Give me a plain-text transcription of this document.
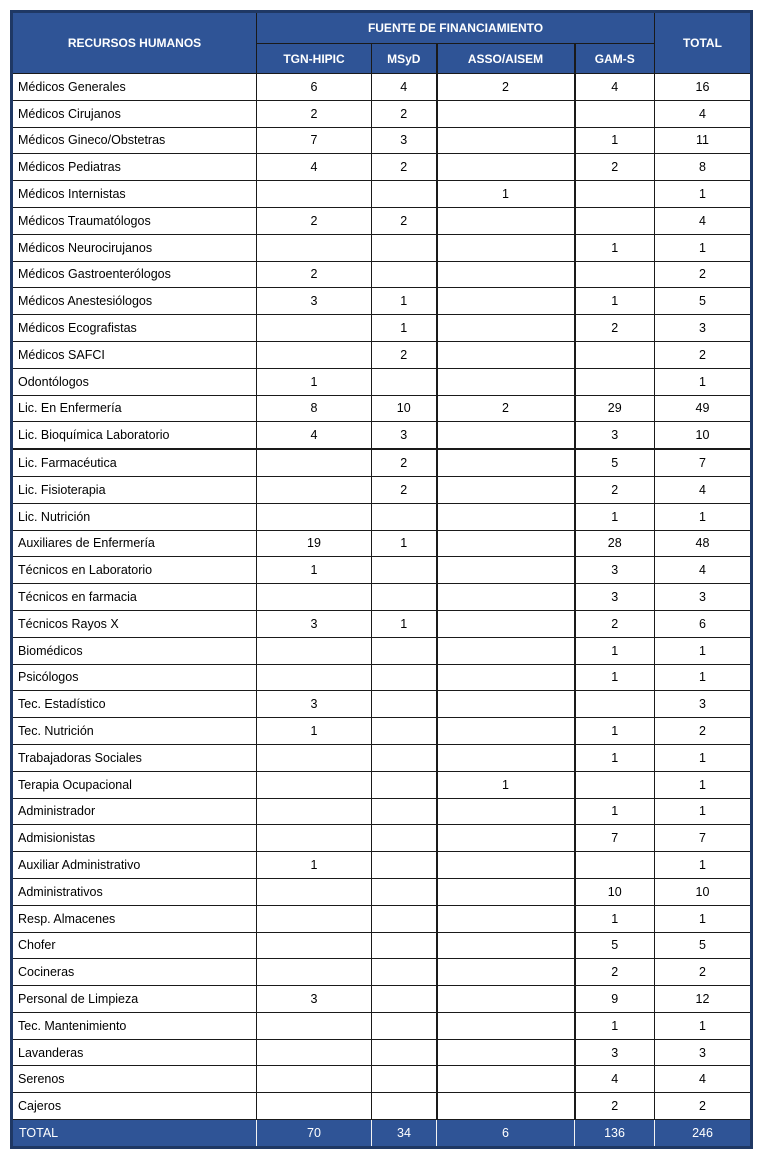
RECURSOS HUMANOS	FUENTE DE FINANCIAMIENTO				TOTAL
	TGN-HIPIC	MSyD	ASSO/AISEM	GAM-S	
Médicos Generales	6	4	2	4	16
Médicos Cirujanos	2	2			4
Médicos Gineco/Obstetras	7	3		1	11
Médicos Pediatras	4	2		2	8
Médicos Internistas			1		1
Médicos Traumatólogos	2	2			4
Médicos Neurocirujanos				1	1
Médicos Gastroenterólogos	2				2
Médicos Anestesiólogos	3	1		1	5
Médicos Ecografistas		1		2	3
Médicos SAFCI		2			2
Odontólogos	1				1
Lic. En Enfermería	8	10	2	29	49
Lic. Bioquímica Laboratorio	4	3		3	10
Lic. Farmacéutica		2		5	7
Lic. Fisioterapia		2		2	4
Lic. Nutrición				1	1
Auxiliares de Enfermería	19	1		28	48
Técnicos en Laboratorio	1			3	4
Técnicos en farmacia				3	3
Técnicos Rayos X	3	1		2	6
Biomédicos				1	1
Psicólogos				1	1
Tec. Estadístico	3				3
Tec. Nutrición	1			1	2
Trabajadoras Sociales				1	1
Terapia Ocupacional			1		1
Administrador				1	1
Admisionistas				7	7
Auxiliar Administrativo	1				1
Administrativos				10	10
Resp. Almacenes				1	1
Chofer				5	5
Cocineras				2	2
Personal de Limpieza	3			9	12
Tec. Mantenimiento				1	1
Lavanderas				3	3
Serenos				4	4
Cajeros				2	2
TOTAL	70	34	6	136	246
